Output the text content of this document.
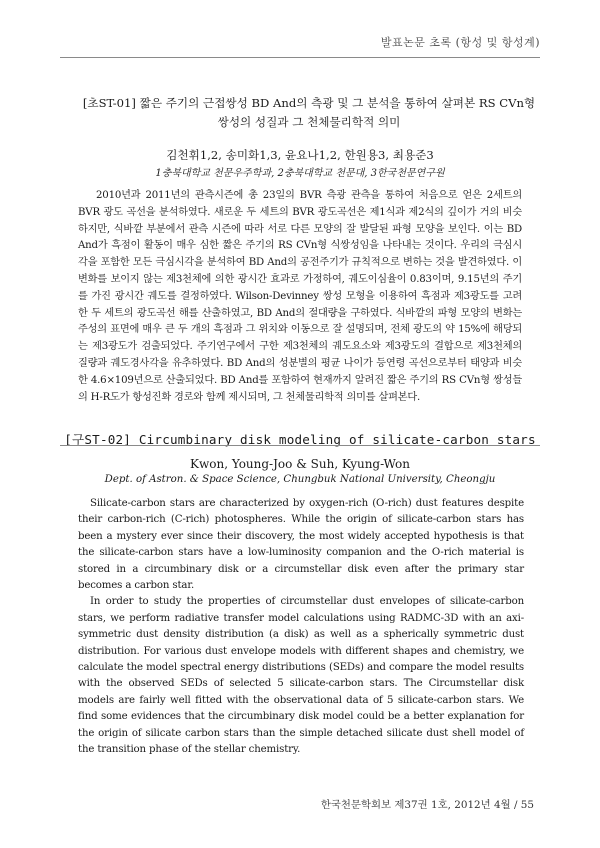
발표논문 초록 (항성 및 항성계)
[초ST-01] 짧은 주기의 근접쌍성 BD And의 측광 및 그 분석을 통하여 살펴본 RS CVn형 쌍성의 성질과 그 천체물리학적 의미
김천휘1,2, 송미화1,3, 윤요나1,2, 한원용3, 최용준3
1충북대학교 천문우주학과, 2충북대학교 천문대, 3한국천문연구원

2010년과 2011년의 관측시즌에 총 23일의 BVR 측광 관측을 통하여 처음으로 얻은 2세트의 BVR 광도 곡선을 분석하였다. 새로운 두 세트의 BVR 광도곡선은 제1식과 제2식의 깊이가 거의 비슷하지만, 식바깥 부분에서 관측 시즌에 따라 서로 다른 모양의 잘 발달된 파형 모양을 보인다. 이는 BD And가 흑점이 활동이 매우 심한 짧은 주기의 RS CVn형 식쌍성임을 나타내는 것이다. 우리의 극심시각을 포함한 모든 극심시각을 분석하여 BD And의 공전주기가 규칙적으로 변하는 것을 발견하였다. 이 변화를 보이지 않는 제3천체에 의한 광시간 효과로 가정하여, 궤도이심율이 0.83이며, 9.15년의 주기를 가진 광시간 궤도를 결정하였다. Wilson-Devinney 쌍성 모형을 이용하여 흑점과 제3광도를 고려한 두 세트의 광도곡선 해를 산출하였고, BD And의 절대량을 구하였다. 식바깥의 파형 모양의 변화는 주성의 표면에 매우 큰 두 개의 흑점과 그 위치와 이동으로 잘 설명되며, 전체 광도의 약 15%에 해당되는 제3광도가 검출되었다. 주기연구에서 구한 제3천체의 궤도요소와 제3광도의 결합으로 제3천체의 질량과 궤도경사각을 유추하였다. BD And의 성분별의 평균 나이가 등연령 곡선으로부터 태양과 비슷한 4.6×109년으로 산출되었다. BD And를 포함하여 현재까지 알려진 짧은 주기의 RS CVn형 쌍성들의 H-R도가 항성진화 경로와 함께 제시되며, 그 천체물리학적 의미를 살펴본다.

[구ST-02] Circumbinary disk modeling of silicate-carbon stars
Kwon, Young-Joo & Suh, Kyung-Won
Dept. of Astron. & Space Science, Chungbuk National University, Cheongju

Silicate-carbon stars are characterized by oxygen-rich (O-rich) dust features despite their carbon-rich (C-rich) photospheres. While the origin of silicate-carbon stars has been a mystery ever since their discovery, the most widely accepted hypothesis is that the silicate-carbon stars have a low-luminosity companion and the O-rich material is stored in a circumbinary disk or a circumstellar disk even after the primary star becomes a carbon star.

In order to study the properties of circumstellar dust envelopes of silicate-carbon stars, we perform radiative transfer model calculations using RADMC-3D with an axi-symmetric dust density distribution (a disk) as well as a spherically symmetric dust distribution. For various dust envelope models with different shapes and chemistry, we calculate the model spectral energy distributions (SEDs) and compare the model results with the observed SEDs of selected 5 silicate-carbon stars. The Circumstellar disk models are fairly well fitted with the observational data of 5 silicate-carbon stars. We find some evidences that the circumbinary disk model could be a better explanation for the origin of silicate carbon stars than the simple detached silicate dust shell model of the transition phase of the stellar chemistry.

한국천문학회보 제37권 1호, 2012년 4월 / 55
